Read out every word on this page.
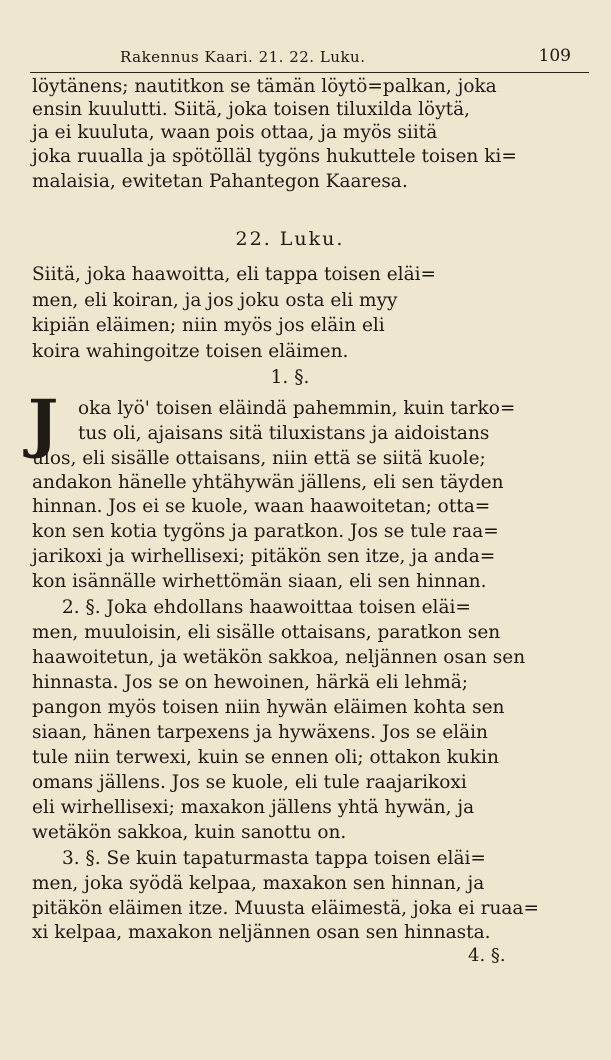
Rakennus Kaari. 21. 22. Luku.	109
löytänens; nautitkon se tämän löytö=palkan, joka
ensin kuulutti. Siitä, joka toisen tiluxilda löytä,
ja ei kuuluta, waan pois ottaa, ja myös siitä
joka ruualla ja spötölläl tygöns hukuttele toisen ki=
malaisia, ewitetan Pahantegon Kaaresa.
22. Luku.
Siitä, joka haawoitta, eli tappa toisen eläi=
men, eli koiran, ja jos joku osta eli myy
kipiän eläimen; niin myös jos eläin eli
koira wahingoitze toisen eläimen.
1. §.
J oka lyö' toisen eläindä pahemmin, kuin tarko=
tus oli, ajaisans sitä tiluxistans ja aidoistans
ulos, eli sisälle ottaisans, niin että se siitä kuole;
andakon hänelle yhtähywän jällens, eli sen täyden
hinnan. Jos ei se kuole, waan haawoitetan; otta=
kon sen kotia tygöns ja paratkon. Jos se tule raa=
jarikoxi ja wirhellisexi; pitäkön sen itze, ja anda=
kon isännälle wirhettömän siaan, eli sen hinnan.
2. §. Joka ehdollans haawoittaa toisen eläi=
men, muuloisin, eli sisälle ottaisans, paratkon sen
haawoitetun, ja wetäkön sakkoa, neljännen osan sen
hinnasta. Jos se on hewoinen, härkä eli lehmä;
pangon myös toisen niin hywän eläimen kohta sen
siaan, hänen tarpexens ja hywäxens. Jos se eläin
tule niin terwexi, kuin se ennen oli; ottakon kukin
omans jällens. Jos se kuole, eli tule raajarikoxi
eli wirhellisexi; maxakon jällens yhtä hywän, ja
wetäkön sakkoa, kuin sanottu on.
3. §. Se kuin tapaturmasta tappa toisen eläi=
men, joka syödä kelpaa, maxakon sen hinnan, ja
pitäkön eläimen itze. Muusta eläimestä, joka ei ruaa=
xi kelpaa, maxakon neljännen osan sen hinnasta.
4. §.
